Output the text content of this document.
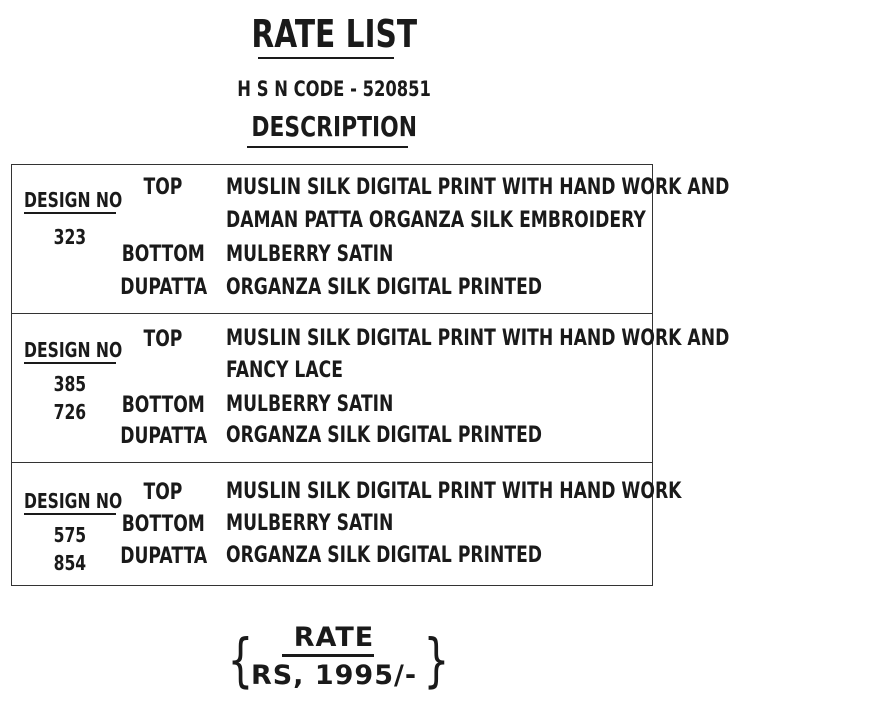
RATE LIST
H S N CODE - 520851
DESCRIPTION
DESIGN NO
323
TOP	MUSLIN SILK DIGITAL PRINT WITH HAND WORK AND
DAMAN PATTA ORGANZA SILK EMBROIDERY
BOTTOM MULBERRY SATIN
DUPATTA ORGANZA SILK DIGITAL PRINTED
DESIGN NO
385
726
TOP	MUSLIN SILK DIGITAL PRINT WITH HAND WORK AND
FANCY LACE
BOTTOM MULBERRY SATIN
DUPATTA ORGANZA SILK DIGITAL PRINTED
DESIGN NO
575
854
TOP	MUSLIN SILK DIGITAL PRINT WITH HAND WORK
BOTTOM MULBERRY SATIN
DUPATTA ORGANZA SILK DIGITAL PRINTED
{	}
RATE
RS, 1995/-
